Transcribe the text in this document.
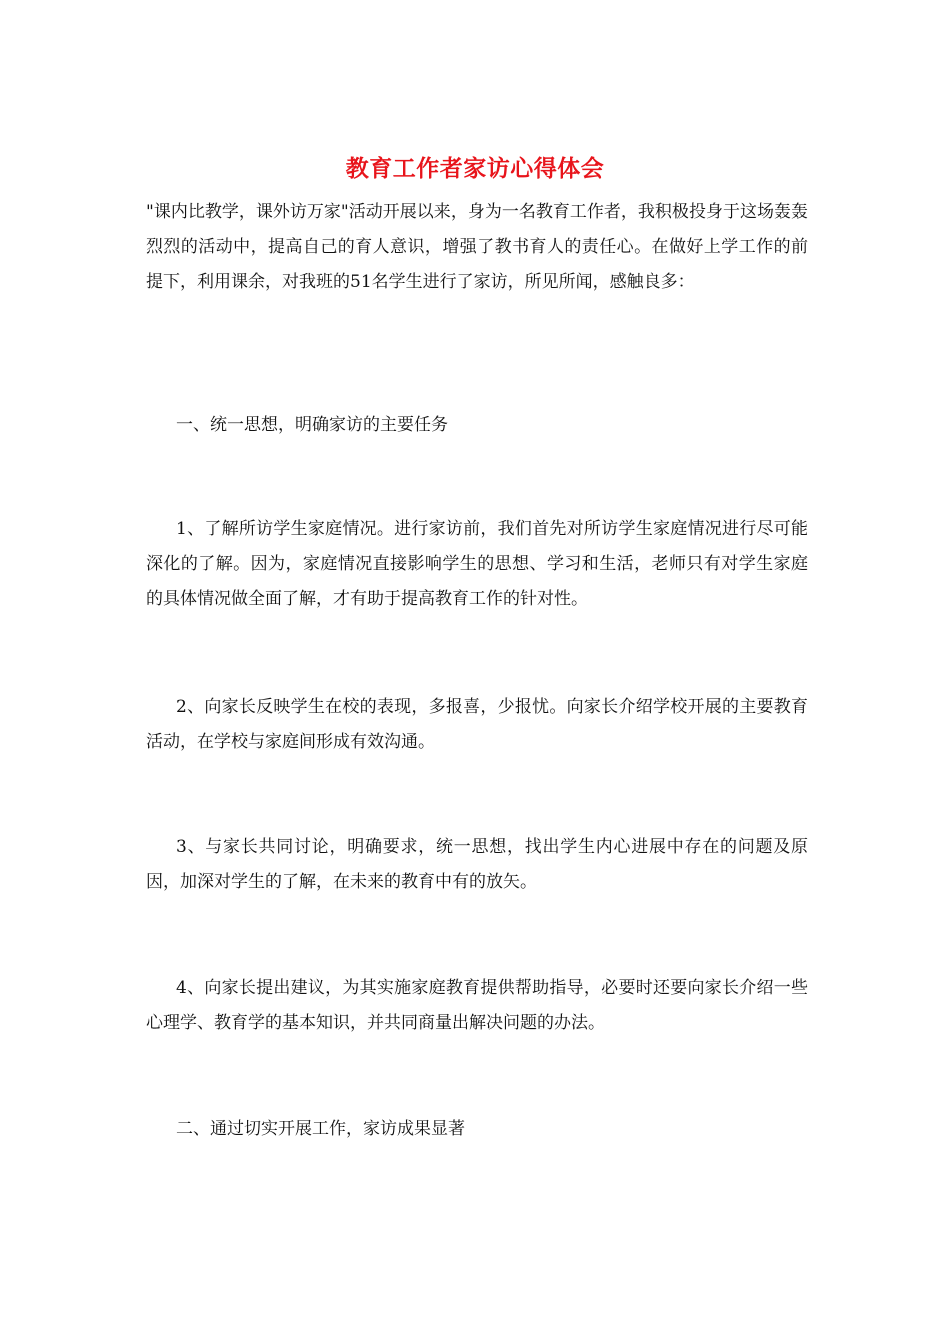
教育工作者家访心得体会

"课内比教学，课外访万家"活动开展以来，身为一名教育工作者，我积极投身于这场轰轰烈烈的活动中，提高自己的育人意识，增强了教书育人的责任心。在做好上学工作的前提下，利用课余，对我班的51名学生进行了家访，所见所闻，感触良多：

一、统一思想，明确家访的主要任务

1、了解所访学生家庭情况。进行家访前，我们首先对所访学生家庭情况进行尽可能深化的了解。因为，家庭情况直接影响学生的思想、学习和生活，老师只有对学生家庭的具体情况做全面了解，才有助于提高教育工作的针对性。

2、向家长反映学生在校的表现，多报喜，少报忧。向家长介绍学校开展的主要教育活动，在学校与家庭间形成有效沟通。

3、与家长共同讨论，明确要求，统一思想，找出学生内心进展中存在的问题及原因，加深对学生的了解，在未来的教育中有的放矢。

4、向家长提出建议，为其实施家庭教育提供帮助指导，必要时还要向家长介绍一些心理学、教育学的基本知识，并共同商量出解决问题的办法。

二、通过切实开展工作，家访成果显著
